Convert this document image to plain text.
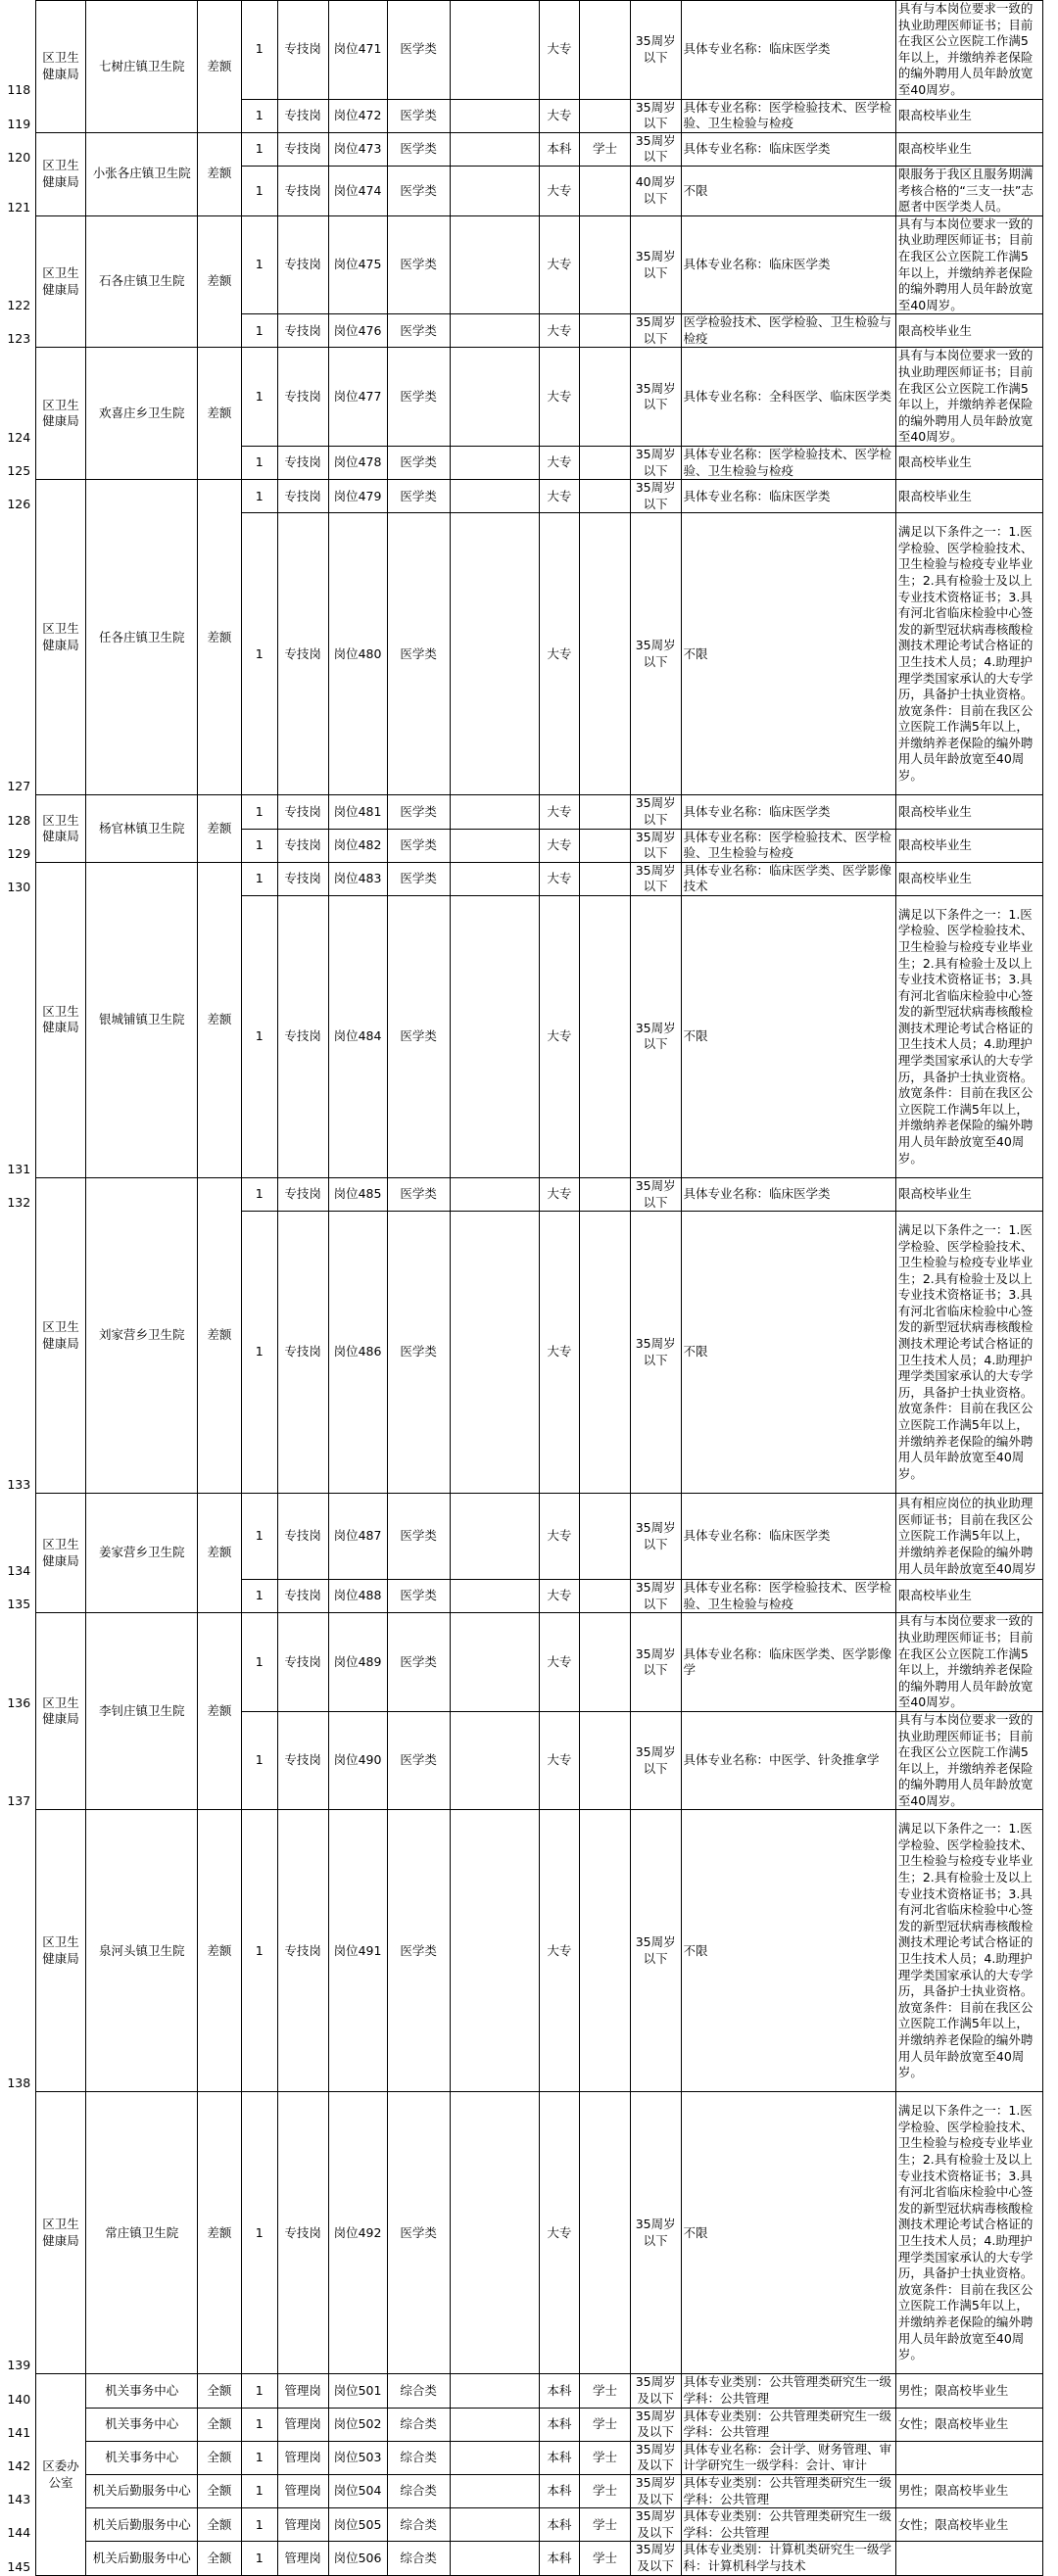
118	区卫生健康局	七树庄镇卫生院	差额	1	专技岗	岗位471	医学类		大专		35周岁以下	具体专业名称：临床医学类	具有与本岗位要求一致的执业助理医师证书；目前在我区公立医院工作满5年以上，并缴纳养老保险的编外聘用人员年龄放宽至40周岁。
119				1	专技岗	岗位472	医学类		大专		35周岁以下	具体专业名称：医学检验技术、医学检验、卫生检验与检疫	限高校毕业生
120	区卫生健康局	小张各庄镇卫生院	差额	1	专技岗	岗位473	医学类		本科	学士	35周岁以下	具体专业名称：临床医学类	限高校毕业生
121				1	专技岗	岗位474	医学类		大专		40周岁以下	不限	限服务于我区且服务期满考核合格的“三支一扶”志愿者中医学类人员。
122	区卫生健康局	石各庄镇卫生院	差额	1	专技岗	岗位475	医学类		大专		35周岁以下	具体专业名称：临床医学类	具有与本岗位要求一致的执业助理医师证书；目前在我区公立医院工作满5年以上，并缴纳养老保险的编外聘用人员年龄放宽至40周岁。
123				1	专技岗	岗位476	医学类		大专		35周岁以下	医学检验技术、医学检验、卫生检验与检疫	限高校毕业生
124	区卫生健康局	欢喜庄乡卫生院	差额	1	专技岗	岗位477	医学类		大专		35周岁以下	具体专业名称：全科医学、临床医学类	具有与本岗位要求一致的执业助理医师证书；目前在我区公立医院工作满5年以上，并缴纳养老保险的编外聘用人员年龄放宽至40周岁。
125				1	专技岗	岗位478	医学类		大专		35周岁以下	具体专业名称：医学检验技术、医学检验、卫生检验与检疫	限高校毕业生
126	区卫生健康局	任各庄镇卫生院	差额	1	专技岗	岗位479	医学类		大专		35周岁以下	具体专业名称：临床医学类	限高校毕业生
127				1	专技岗	岗位480	医学类		大专		35周岁以下	不限	满足以下条件之一：1.医学检验、医学检验技术、卫生检验与检疫专业毕业生；2.具有检验士及以上专业技术资格证书；3.具有河北省临床检验中心签发的新型冠状病毒核酸检测技术理论考试合格证的卫生技术人员；4.助理护理学类国家承认的大专学历，具备护士执业资格。放宽条件：目前在我区公立医院工作满5年以上，并缴纳养老保险的编外聘用人员年龄放宽至40周岁。
128	区卫生健康局	杨官林镇卫生院	差额	1	专技岗	岗位481	医学类		大专		35周岁以下	具体专业名称：临床医学类	限高校毕业生
129				1	专技岗	岗位482	医学类		大专		35周岁以下	具体专业名称：医学检验技术、医学检验、卫生检验与检疫	限高校毕业生
130	区卫生健康局	银城铺镇卫生院	差额	1	专技岗	岗位483	医学类		大专		35周岁以下	具体专业名称：临床医学类、医学影像技术	限高校毕业生
131				1	专技岗	岗位484	医学类		大专		35周岁以下	不限	满足以下条件之一：1.医学检验、医学检验技术、卫生检验与检疫专业毕业生；2.具有检验士及以上专业技术资格证书；3.具有河北省临床检验中心签发的新型冠状病毒核酸检测技术理论考试合格证的卫生技术人员；4.助理护理学类国家承认的大专学历，具备护士执业资格。放宽条件：目前在我区公立医院工作满5年以上，并缴纳养老保险的编外聘用人员年龄放宽至40周岁。
132	区卫生健康局	刘家营乡卫生院	差额	1	专技岗	岗位485	医学类		大专		35周岁以下	具体专业名称：临床医学类	限高校毕业生
133				1	专技岗	岗位486	医学类		大专		35周岁以下	不限	满足以下条件之一：1.医学检验、医学检验技术、卫生检验与检疫专业毕业生；2.具有检验士及以上专业技术资格证书；3.具有河北省临床检验中心签发的新型冠状病毒核酸检测技术理论考试合格证的卫生技术人员；4.助理护理学类国家承认的大专学历，具备护士执业资格。放宽条件：目前在我区公立医院工作满5年以上，并缴纳养老保险的编外聘用人员年龄放宽至40周岁。
134	区卫生健康局	姜家营乡卫生院	差额	1	专技岗	岗位487	医学类		大专		35周岁以下	具体专业名称：临床医学类	具有相应岗位的执业助理医师证书；目前在我区公立医院工作满5年以上，并缴纳养老保险的编外聘用人员年龄放宽至40周岁
135				1	专技岗	岗位488	医学类		大专		35周岁以下	具体专业名称：医学检验技术、医学检验、卫生检验与检疫	限高校毕业生
136	区卫生健康局	李钊庄镇卫生院	差额	1	专技岗	岗位489	医学类		大专		35周岁以下	具体专业名称：临床医学类、医学影像学	具有与本岗位要求一致的执业助理医师证书；目前在我区公立医院工作满5年以上，并缴纳养老保险的编外聘用人员年龄放宽至40周岁。
137				1	专技岗	岗位490	医学类		大专		35周岁以下	具体专业名称：中医学、针灸推拿学	具有与本岗位要求一致的执业助理医师证书；目前在我区公立医院工作满5年以上，并缴纳养老保险的编外聘用人员年龄放宽至40周岁。
138	区卫生健康局	泉河头镇卫生院	差额	1	专技岗	岗位491	医学类		大专		35周岁以下	不限	满足以下条件之一：1.医学检验、医学检验技术、卫生检验与检疫专业毕业生；2.具有检验士及以上专业技术资格证书；3.具有河北省临床检验中心签发的新型冠状病毒核酸检测技术理论考试合格证的卫生技术人员；4.助理护理学类国家承认的大专学历，具备护士执业资格。放宽条件：目前在我区公立医院工作满5年以上，并缴纳养老保险的编外聘用人员年龄放宽至40周岁。
139	区卫生健康局	常庄镇卫生院	差额	1	专技岗	岗位492	医学类		大专		35周岁以下	不限	满足以下条件之一：1.医学检验、医学检验技术、卫生检验与检疫专业毕业生；2.具有检验士及以上专业技术资格证书；3.具有河北省临床检验中心签发的新型冠状病毒核酸检测技术理论考试合格证的卫生技术人员；4.助理护理学类国家承认的大专学历，具备护士执业资格。放宽条件：目前在我区公立医院工作满5年以上，并缴纳养老保险的编外聘用人员年龄放宽至40周岁。
140	区委办公室	机关事务中心	全额	1	管理岗	岗位501	综合类		本科	学士	35周岁及以下	具体专业类别：公共管理类研究生一级学科：公共管理	男性；限高校毕业生
141		机关事务中心	全额	1	管理岗	岗位502	综合类		本科	学士	35周岁及以下	具体专业类别：公共管理类研究生一级学科：公共管理	女性；限高校毕业生
142		机关事务中心	全额	1	管理岗	岗位503	综合类		本科	学士	35周岁及以下	具体专业名称：会计学、财务管理、审计学研究生一级学科：会计、审计	
143		机关后勤服务中心	全额	1	管理岗	岗位504	综合类		本科	学士	35周岁及以下	具体专业类别：公共管理类研究生一级学科：公共管理	男性；限高校毕业生
144		机关后勤服务中心	全额	1	管理岗	岗位505	综合类		本科	学士	35周岁及以下	具体专业类别：公共管理类研究生一级学科：公共管理	女性；限高校毕业生
145		机关后勤服务中心	全额	1	管理岗	岗位506	综合类		本科	学士	35周岁及以下	具体专业类别：计算机类研究生一级学科：计算机科学与技术	
